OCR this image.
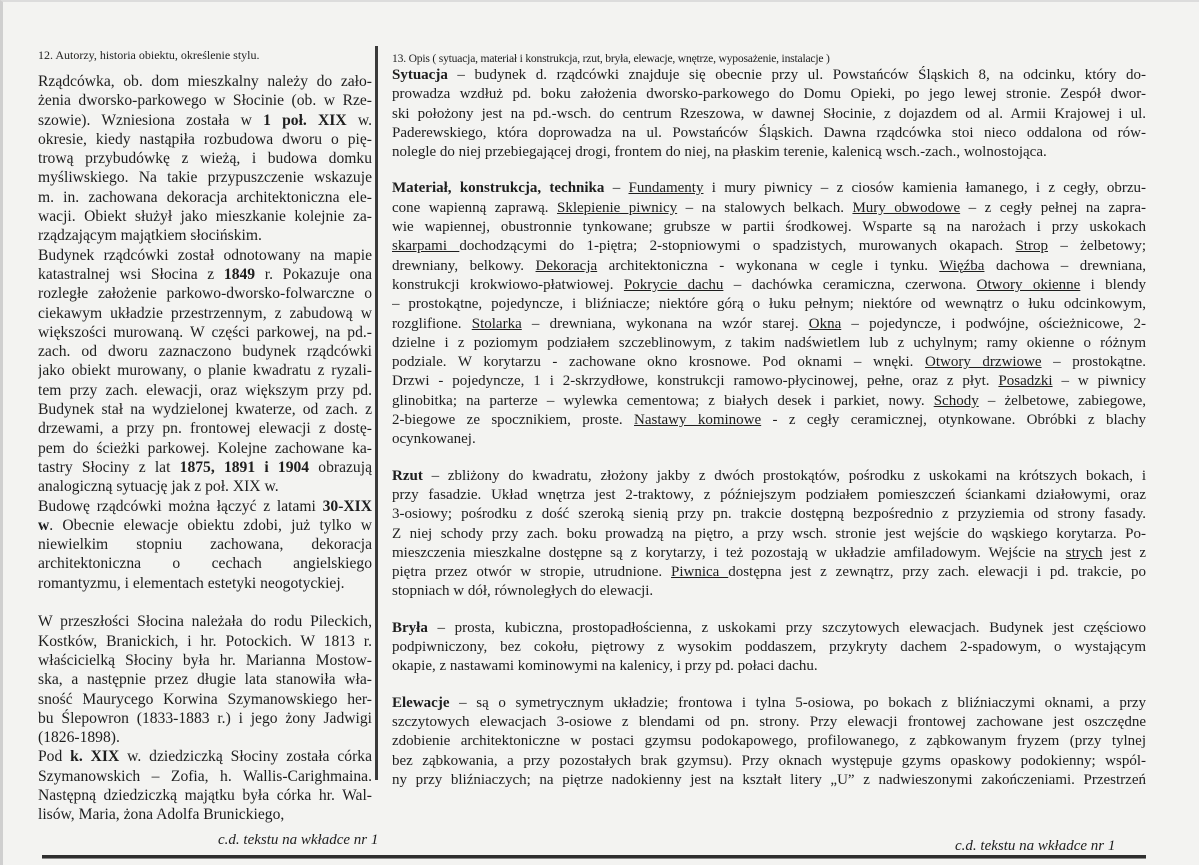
12. Autorzy, historia obiektu, określenie stylu.
Rządcówka, ob. dom mieszkalny należy do zało-
żenia dworsko-parkowego w Słocinie (ob. w Rze-
szowie). Wzniesiona została w 1 poł. XIX w.
okresie, kiedy nastąpiła rozbudowa dworu o pię-
trową przybudówkę z wieżą, i budowa domku
myśliwskiego. Na takie przypuszczenie wskazuje
m. in. zachowana dekoracja architektoniczna ele-
wacji. Obiekt służył jako mieszkanie kolejnie za-
rządzającym majątkiem słocińskim.
Budynek rządcówki został odnotowany na mapie
katastralnej wsi Słocina z 1849 r. Pokazuje ona
rozległe założenie parkowo-dworsko-folwarczne o
ciekawym układzie przestrzennym, z zabudową w
większości murowaną. W części parkowej, na pd.-
zach. od dworu zaznaczono budynek rządcówki
jako obiekt murowany, o planie kwadratu z ryzali-
tem przy zach. elewacji, oraz większym przy pd.
Budynek stał na wydzielonej kwaterze, od zach. z
drzewami, a przy pn. frontowej elewacji z dostę-
pem do ścieżki parkowej. Kolejne zachowane ka-
tastry Słociny z lat 1875, 1891 i 1904 obrazują
analogiczną sytuację jak z poł. XIX w.
Budowę rządcówki można łączyć z latami 30-XIX
w. Obecnie elewacje obiektu zdobi, już tylko w
niewielkim stopniu zachowana, dekoracja
architektoniczna o cechach angielskiego
romantyzmu, i elementach estetyki neogotyckiej.
W przeszłości Słocina należała do rodu Pileckich,
Kostków, Branickich, i hr. Potockich. W 1813 r.
właścicielką Słociny była hr. Marianna Mostow-
ska, a następnie przez długie lata stanowiła wła-
sność Maurycego Korwina Szymanowskiego her-
bu Ślepowron (1833-1883 r.) i jego żony Jadwigi
(1826-1898).
Pod k. XIX w. dziedziczką Słociny została córka
Szymanowskich – Zofia, h. Wallis-Carighmaina.
Następną dziedziczką majątku była córka hr. Wal-
lisów, Maria, żona Adolfa Brunickiego,
13. Opis ( sytuacja, materiał i konstrukcja, rzut, bryła, elewacje, wnętrze, wyposażenie, instalacje )
Sytuacja – budynek d. rządcówki znajduje się obecnie przy ul. Powstańców Śląskich 8, na odcinku, który do-
prowadza wzdłuż pd. boku założenia dworsko-parkowego do Domu Opieki, po jego lewej stronie. Zespół dwor-
ski położony jest na pd.-wsch. do centrum Rzeszowa, w dawnej Słocinie, z dojazdem od al. Armii Krajowej i ul.
Paderewskiego, która doprowadza na ul. Powstańców Śląskich. Dawna rządcówka stoi nieco oddalona od rów-
nolegle do niej przebiegającej drogi, frontem do niej, na płaskim terenie, kalenicą wsch.-zach., wolnostojąca.
Materiał, konstrukcja, technika – Fundamenty i mury piwnicy – z ciosów kamienia łamanego, i z cegły, obrzu-
cone wapienną zaprawą. Sklepienie piwnicy – na stalowych belkach. Mury obwodowe – z cegły pełnej na zapra-
wie wapiennej, obustronnie tynkowane; grubsze w partii środkowej. Wsparte są na narożach i przy uskokach
skarpami dochodzącymi do 1-piętra; 2-stopniowymi o spadzistych, murowanych okapach. Strop – żelbetowy;
drewniany, belkowy. Dekoracja architektoniczna - wykonana w cegle i tynku. Więźba dachowa – drewniana,
konstrukcji krokwiowo-płatwiowej. Pokrycie dachu – dachówka ceramiczna, czerwona. Otwory okienne i blendy
– prostokątne, pojedyncze, i bliźniacze; niektóre górą o łuku pełnym; niektóre od wewnątrz o łuku odcinkowym,
rozglifione. Stolarka – drewniana, wykonana na wzór starej. Okna – pojedyncze, i podwójne, ościeżnicowe, 2-
dzielne i z poziomym podziałem szczeblinowym, z takim nadświetlem lub z uchylnym; ramy okienne o różnym
podziale. W korytarzu - zachowane okno krosnowe. Pod oknami – wnęki. Otwory drzwiowe – prostokątne.
Drzwi - pojedyncze, 1 i 2-skrzydłowe, konstrukcji ramowo-płycinowej, pełne, oraz z płyt. Posadzki – w piwnicy
glinobitka; na parterze – wylewka cementowa; z białych desek i parkiet, nowy. Schody – żelbetowe, zabiegowe,
2-biegowe ze spocznikiem, proste. Nastawy kominowe - z cegły ceramicznej, otynkowane. Obróbki z blachy
ocynkowanej.
Rzut – zbliżony do kwadratu, złożony jakby z dwóch prostokątów, pośrodku z uskokami na krótszych bokach, i
przy fasadzie. Układ wnętrza jest 2-traktowy, z późniejszym podziałem pomieszczeń ściankami działowymi, oraz
3-osiowy; pośrodku z dość szeroką sienią przy pn. trakcie dostępną bezpośrednio z przyziemia od strony fasady.
Z niej schody przy zach. boku prowadzą na piętro, a przy wsch. stronie jest wejście do wąskiego korytarza. Po-
mieszczenia mieszkalne dostępne są z korytarzy, i też pozostają w układzie amfiladowym. Wejście na strych jest z
piętra przez otwór w stropie, utrudnione. Piwnica dostępna jest z zewnątrz, przy zach. elewacji i pd. trakcie, po
stopniach w dół, równoległych do elewacji.
Bryła – prosta, kubiczna, prostopadłościenna, z uskokami przy szczytowych elewacjach. Budynek jest częściowo
podpiwniczony, bez cokołu, piętrowy z wysokim poddaszem, przykryty dachem 2-spadowym, o wystającym
okapie, z nastawami kominowymi na kalenicy, i przy pd. połaci dachu.
Elewacje – są o symetrycznym układzie; frontowa i tylna 5-osiowa, po bokach z bliźniaczymi oknami, a przy
szczytowych elewacjach 3-osiowe z blendami od pn. strony. Przy elewacji frontowej zachowane jest oszczędne
zdobienie architektoniczne w postaci gzymsu podokapowego, profilowanego, z ząbkowanym fryzem (przy tylnej
bez ząbkowania, a przy pozostałych brak gzymsu). Przy oknach występuje gzyms opaskowy podokienny; wspól-
ny przy bliźniaczych; na piętrze nadokienny jest na kształt litery „U” z nadwieszonymi zakończeniami. Przestrzeń
c.d. tekstu na wkładce nr 1	c.d. tekstu na wkładce nr 1
